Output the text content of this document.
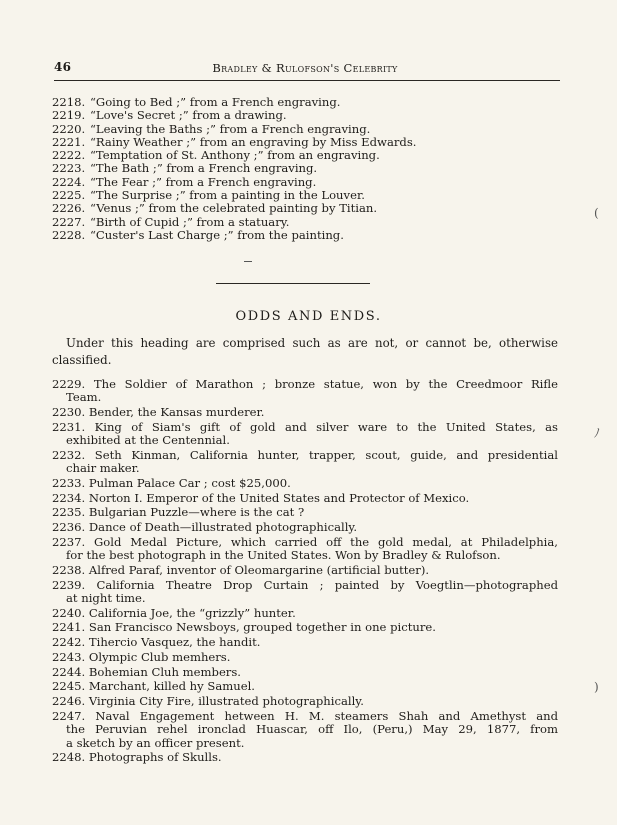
46	Bradley & Rulofson's Celebrity
2218. “Going to Bed ;” from a French engraving.
2219. “Love's Secret ;” from a drawing.
2220. “Leaving the Baths ;” from a French engraving.
2221. “Rainy Weather ;” from an engraving by Miss Edwards.
2222. “Temptation of St. Anthony ;” from an engraving.
2223. “The Bath ;” from a French engraving.
2224. “The Fear ;” from a French engraving.
2225. “The Surprise ;” from a painting in the Louver.
2226. “Venus ;” from the celebrated painting by Titian.
2227. “Birth of Cupid ;” from a statuary.
2228. “Custer's Last Charge ;” from the painting.
ODDS AND ENDS.
Under this heading are comprised such as are not, or cannot be, otherwise classified.
2229. The Soldier of Marathon ; bronze statue, won by the Creedmoor Rifle
Team.
2230. Bender, the Kansas murderer.
2231. King of Siam's gift of gold and silver ware to the United States, as
exhibited at the Centennial.
2232. Seth Kinman, California hunter, trapper, scout, guide, and presidential
chair maker.
2233. Pulman Palace Car ; cost $25,000.
2234. Norton I. Emperor of the United States and Protector of Mexico.
2235. Bulgarian Puzzle—where is the cat ?
2236. Dance of Death—illustrated photographically.
2237. Gold Medal Picture, which carried off the gold medal, at Philadelphia,
for the best photograph in the United States. Won by Bradley & Rulofson.
2238. Alfred Paraf, inventor of Oleomargarine (artificial butter).
2239. California Theatre Drop Curtain ; painted by Voegtlin—photographed
at night time.
2240. California Joe, the “grizzly” hunter.
2241. San Francisco Newsboys, grouped together in one picture.
2242. Tihercio Vasquez, the handit.
2243. Olympic Club memhers.
2244. Bohemian Cluh members.
2245. Marchant, killed hy Samuel.
2246. Virginia City Fire, illustrated photographically.
2247. Naval Engagement hetween H. M. steamers Shah and Amethyst and
the Peruvian rehel ironclad Huascar, off Ilo, (Peru,) May 29, 1877, from
a sketch by an officer present.
2248. Photographs of Skulls.
(
ﾉ
)
